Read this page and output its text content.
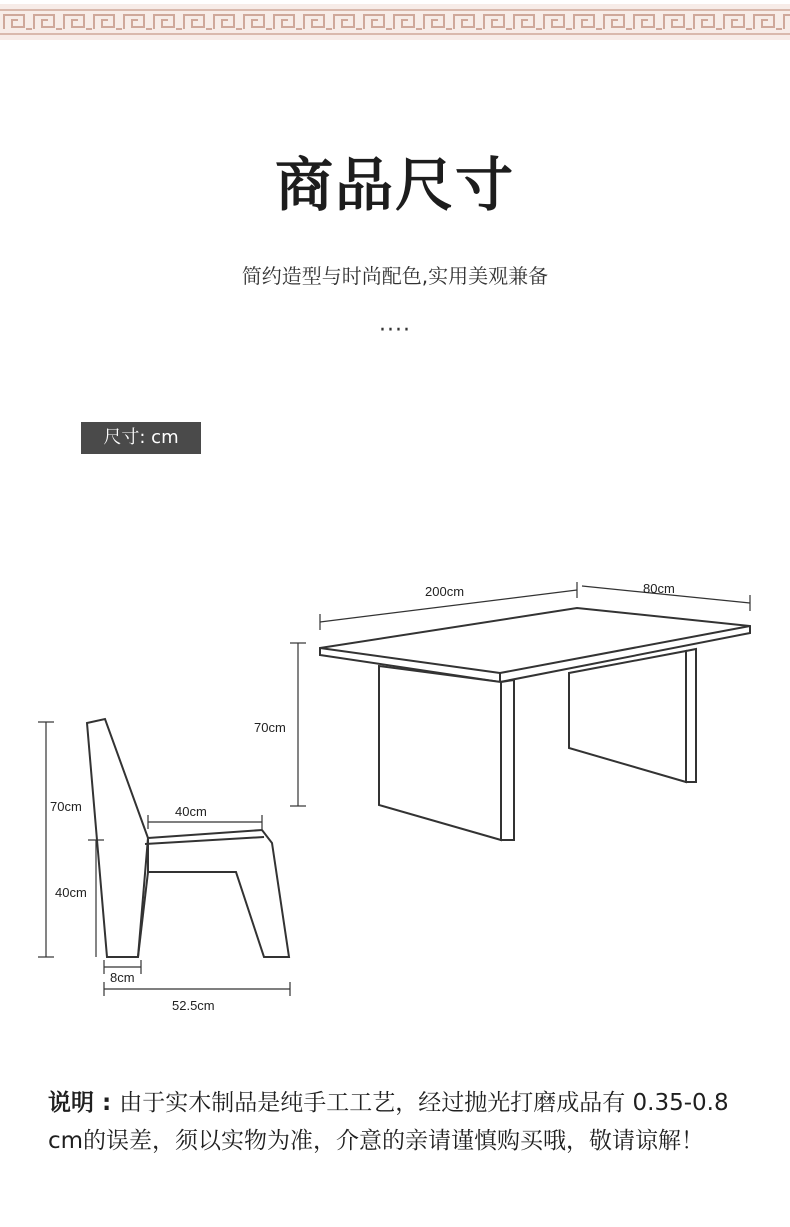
商品尺寸
简约造型与时尚配色,实用美观兼备
····
尺寸: cm
200cm	80cm
70cm
70cm
40cm
40cm
8cm
52.5cm
说明 : 由于实木制品是纯手工工艺，经过抛光打磨成品有 0.35-0.8 cm的误差，须以实物为准，介意的亲请谨慎购买哦，敬请谅解！
